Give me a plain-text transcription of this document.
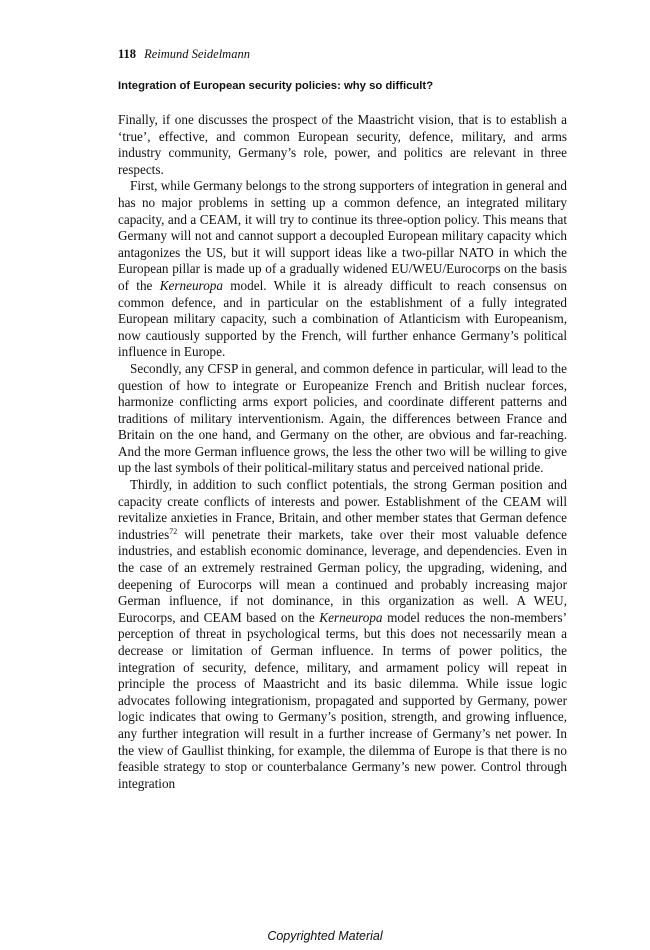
118 Reimund Seidelmann
Integration of European security policies: why so difficult?

Finally, if one discusses the prospect of the Maastricht vision, that is to establish a ‘true’, effective, and common European security, defence, military, and arms industry community, Germany’s role, power, and politics are relevant in three respects.

First, while Germany belongs to the strong supporters of integration in general and has no major problems in setting up a common defence, an integrated military capacity, and a CEAM, it will try to continue its three-option policy. This means that Germany will not and cannot support a decoupled European military capacity which antagonizes the US, but it will support ideas like a two-pillar NATO in which the European pillar is made up of a gradually widened EU/WEU/Eurocorps on the basis of the Kerneuropa model. While it is already difficult to reach consensus on common defence, and in particular on the establishment of a fully integrated European military capacity, such a combination of Atlanticism with Europeanism, now cautiously supported by the French, will further enhance Germany’s political influence in Europe.

Secondly, any CFSP in general, and common defence in particular, will lead to the question of how to integrate or Europeanize French and British nuclear forces, harmonize conflicting arms export policies, and coordinate different patterns and traditions of military interventionism. Again, the differences between France and Britain on the one hand, and Germany on the other, are obvious and far-reaching. And the more German influence grows, the less the other two will be willing to give up the last symbols of their political-military status and perceived national pride.

Thirdly, in addition to such conflict potentials, the strong German position and capacity create conflicts of interests and power. Establishment of the CEAM will revitalize anxieties in France, Britain, and other member states that German defence industries$^{72}$ will penetrate their markets, take over their most valuable defence industries, and establish economic dominance, leverage, and dependencies. Even in the case of an extremely restrained German policy, the upgrading, widening, and deepening of Eurocorps will mean a continued and probably increasing major German influence, if not dominance, in this organization as well. A WEU, Eurocorps, and CEAM based on the Kerneuropa model reduces the non-members’ perception of threat in psychological terms, but this does not necessarily mean a decrease or limitation of German influence. In terms of power politics, the integration of security, defence, military, and armament policy will repeat in principle the process of Maastricht and its basic dilemma. While issue logic advocates following integrationism, propagated and supported by Germany, power logic indicates that owing to Germany’s position, strength, and growing influence, any further integration will result in a further increase of Germany’s net power. In the view of Gaullist thinking, for example, the dilemma of Europe is that there is no feasible strategy to stop or counterbalance Germany’s new power. Control through integration

Copyrighted Material
